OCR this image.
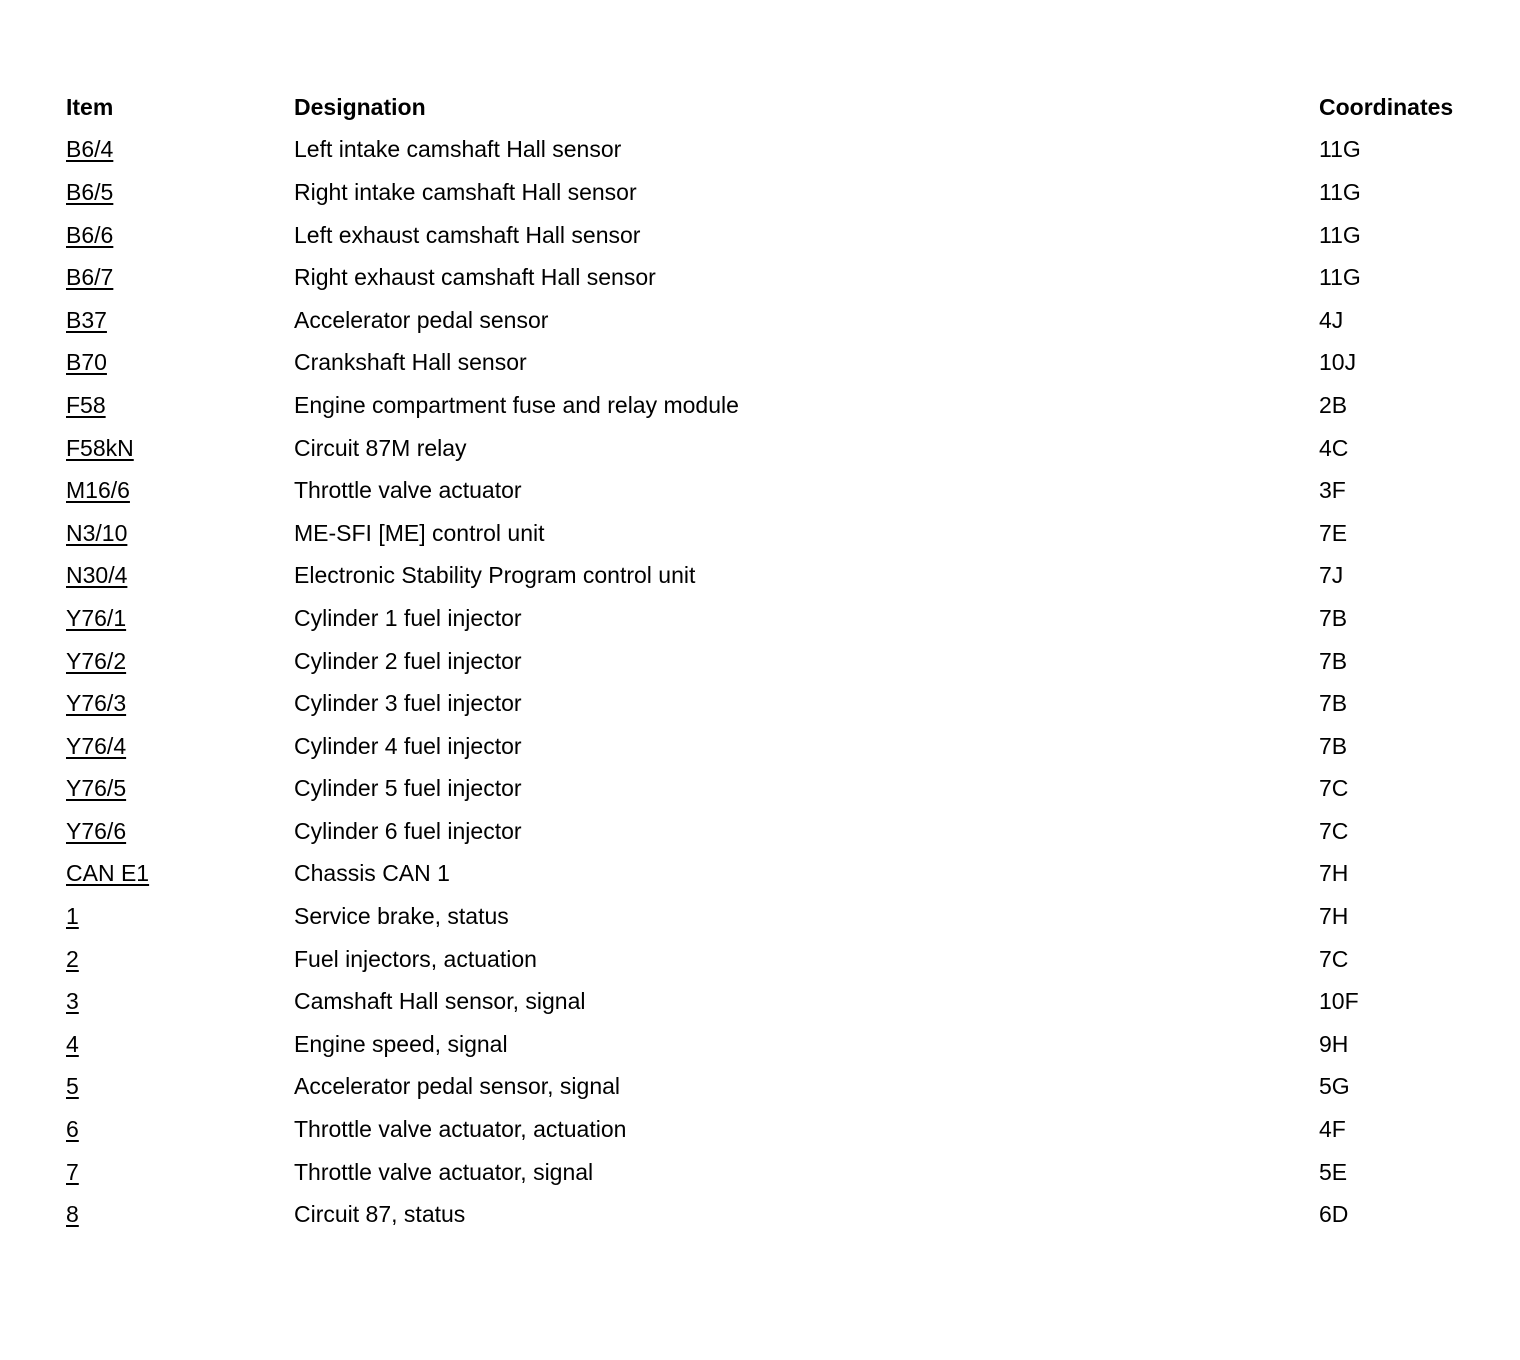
Item	Designation	Coordinates
B6/4	Left intake camshaft Hall sensor	11G
B6/5	Right intake camshaft Hall sensor	11G
B6/6	Left exhaust camshaft Hall sensor	11G
B6/7	Right exhaust camshaft Hall sensor	11G
B37	Accelerator pedal sensor	4J
B70	Crankshaft Hall sensor	10J
F58	Engine compartment fuse and relay module	2B
F58kN	Circuit 87M relay	4C
M16/6	Throttle valve actuator	3F
N3/10	ME-SFI [ME] control unit	7E
N30/4	Electronic Stability Program control unit	7J
Y76/1	Cylinder 1 fuel injector	7B
Y76/2	Cylinder 2 fuel injector	7B
Y76/3	Cylinder 3 fuel injector	7B
Y76/4	Cylinder 4 fuel injector	7B
Y76/5	Cylinder 5 fuel injector	7C
Y76/6	Cylinder 6 fuel injector	7C
CAN E1	Chassis CAN 1	7H
1	Service brake, status	7H
2	Fuel injectors, actuation	7C
3	Camshaft Hall sensor, signal	10F
4	Engine speed, signal	9H
5	Accelerator pedal sensor, signal	5G
6	Throttle valve actuator, actuation	4F
7	Throttle valve actuator, signal	5E
8	Circuit 87, status	6D
